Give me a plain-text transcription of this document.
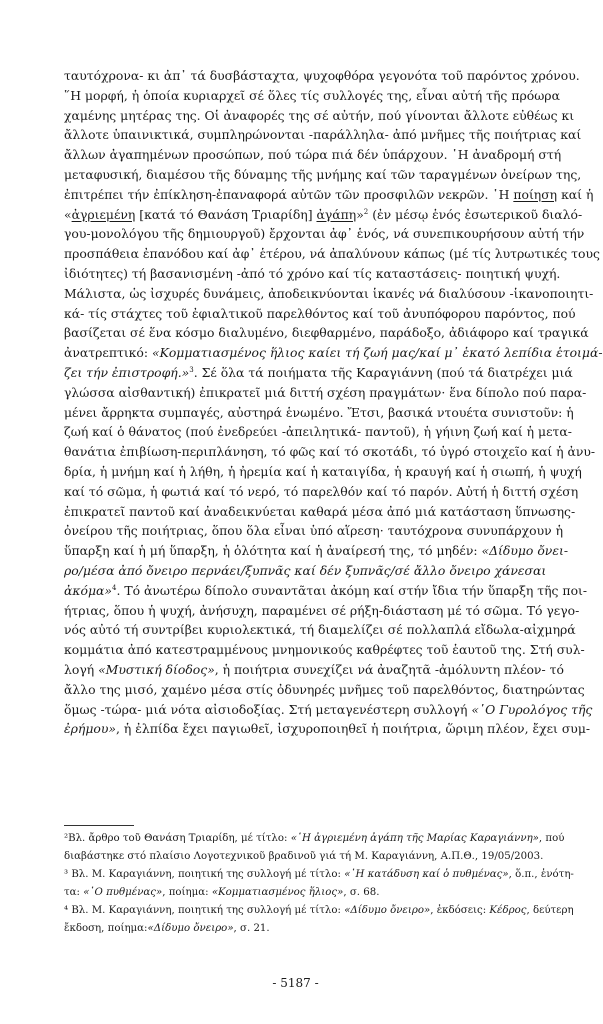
ταυτόχρονα- κι ἀπ᾽ τά δυσβάσταχτα, ψυχοφθόρα γεγονότα τοῦ παρόντος χρόνου.
῞Η μορφή, ἡ ὁποία κυριαρχεῖ σέ ὅλες τίς συλλογές της, εἶναι αὐτή τῆς πρόωρα
χαμένης μητέρας της. Οἱ ἀναφορές της σέ αὐτήν, πού γίνονται ἄλλοτε εὐθέως κι
ἄλλοτε ὑπαινικτικά, συμπληρώνονται -παράλληλα- ἀπό μνῆμες τῆς ποιήτριας καί
ἄλλων ἀγαπημένων προσώπων, πού τώρα πιά δέν ὑπάρχουν. ῾Η ἀναδρομή στή
μεταφυσική, διαμέσου τῆς δύναμης τῆς μνήμης καί τῶν ταραγμένων ὀνείρων της,
ἐπιτρέπει τήν ἐπίκληση-ἐπαναφορά αὐτῶν τῶν προσφιλῶν νεκρῶν. ῾Η ποίηση καί ἡ
«ἀγριεμένη [κατά τό Θανάση Τριαρίδη] ἀγάπη»$^2$ (ἐν μέσῳ ἑνός ἐσωτερικοῦ διαλό-
γου-μονολόγου τῆς δημιουργοῦ) ἔρχονται ἀφ᾽ ἑνός, νά συνεπικουρήσουν αὐτή τήν
προσπάθεια ἐπανόδου καί ἀφ᾽ ἑτέρου, νά ἀπαλύνουν κάπως (μέ τίς λυτρωτικές τους
ἰδιότητες) τή βασανισμένη -ἀπό τό χρόνο καί τίς καταστάσεις- ποιητική ψυχή.
Μάλιστα, ὡς ἰσχυρές δυνάμεις, ἀποδεικνύονται ἱκανές νά διαλύσουν -ἱκανοποιητι-
κά- τίς στάχτες τοῦ ἐφιαλτικοῦ παρελθόντος καί τοῦ ἀνυπόφορου παρόντος, πού
βασίζεται σέ ἕνα κόσμο διαλυμένο, διεφθαρμένο, παράδοξο, ἀδιάφορο καί τραγικά
ἀνατρεπτικό: «Κομματιασμένος ἥλιος καίει τή ζωή μας/καί μ᾽ ἑκατό λεπίδια ἑτοιμά-
ζει τήν ἐπιστροφή.»$^3$. Σέ ὅλα τά ποιήματα τῆς Καραγιάννη (πού τά διατρέχει μιά
γλώσσα αἰσθαντική) ἐπικρατεῖ μιά διττή σχέση πραγμάτων· ἕνα δίπολο πού παρα-
μένει ἄρρηκτα συμπαγές, αὐστηρά ἑνωμένο. Ἔτσι, βασικά ντουέτα συνιστοῦν: ἡ
ζωή καί ὁ θάνατος (πού ἐνεδρεύει -ἀπειλητικά- παντοῦ), ἡ γήινη ζωή καί ἡ μετα-
θανάτια ἐπιβίωση-περιπλάνηση, τό φῶς καί τό σκοτάδι, τό ὑγρό στοιχεῖο καί ἡ ἀνυ-
δρία, ἡ μνήμη καί ἡ λήθη, ἡ ἠρεμία καί ἡ καταιγίδα, ἡ κραυγή καί ἡ σιωπή, ἡ ψυχή
καί τό σῶμα, ἡ φωτιά καί τό νερό, τό παρελθόν καί τό παρόν. Αὐτή ἡ διττή σχέση
ἐπικρατεῖ παντοῦ καί ἀναδεικνύεται καθαρά μέσα ἀπό μιά κατάσταση ὕπνωσης-
ὀνείρου τῆς ποιήτριας, ὅπου ὅλα εἶναι ὑπό αἵρεση· ταυτόχρονα συνυπάρχουν ἡ
ὕπαρξη καί ἡ μή ὕπαρξη, ἡ ὁλότητα καί ἡ ἀναίρεσή της, τό μηδέν: «Δίδυμο ὄνει-
ρο/μέσα ἀπό ὄνειρο περνάει/ξυπνᾶς καί δέν ξυπνᾶς/σέ ἄλλο ὄνειρο χάνεσαι
ἀκόμα»$^4$. Τό ἀνωτέρω δίπολο συναντᾶται ἀκόμη καί στήν ἴδια τήν ὕπαρξη τῆς ποι-
ήτριας, ὅπου ἡ ψυχή, ἀνήσυχη, παραμένει σέ ρήξη-διάσταση μέ τό σῶμα. Τό γεγο-
νός αὐτό τή συντρίβει κυριολεκτικά, τή διαμελίζει σέ πολλαπλά εἴδωλα-αἰχμηρά
κομμάτια ἀπό κατεστραμμένους μνημονικούς καθρέφτες τοῦ ἑαυτοῦ της. Στή συλ-
λογή «Μυστική δίοδος», ἡ ποιήτρια συνεχίζει νά ἀναζητᾶ -ἀμόλυντη πλέον- τό
ἄλλο της μισό, χαμένο μέσα στίς ὀδυνηρές μνῆμες τοῦ παρελθόντος, διατηρώντας
ὅμως -τώρα- μιά νότα αἰσιοδοξίας. Στή μεταγενέστερη συλλογή «῾Ο Γυρολόγος τῆς
ἐρήμου», ἡ ἐλπίδα ἔχει παγιωθεῖ, ἰσχυροποιηθεῖ ἡ ποιήτρια, ὥριμη πλέον, ἔχει συμ-
²Βλ. ἄρθρο τοῦ Θανάση Τριαρίδη, μέ τίτλο: «῾Η ἀγριεμένη ἀγάπη τῆς Μαρίας Καραγιάννη», πού
διαβάστηκε στό πλαίσιο Λογοτεχνικοῦ βραδινοῦ γιά τή Μ. Καραγιάννη, Α.Π.Θ., 19/05/2003.
³ Βλ. Μ. Καραγιάννη, ποιητική της συλλογή μέ τίτλο: «῾Η κατάδυση καί ὁ πυθμένας», ὅ.π., ἑνότη-
τα: «῾Ο πυθμένας», ποίημα: «Κομματιασμένος ἥλιος», σ. 68.
⁴ Βλ. Μ. Καραγιάννη, ποιητική της συλλογή μέ τίτλο: «Δίδυμο ὄνειρο», ἐκδόσεις: Κέδρος, δεύτερη
ἔκδοση, ποίημα:«Δίδυμο ὄνειρο», σ. 21.
- 5187 -
